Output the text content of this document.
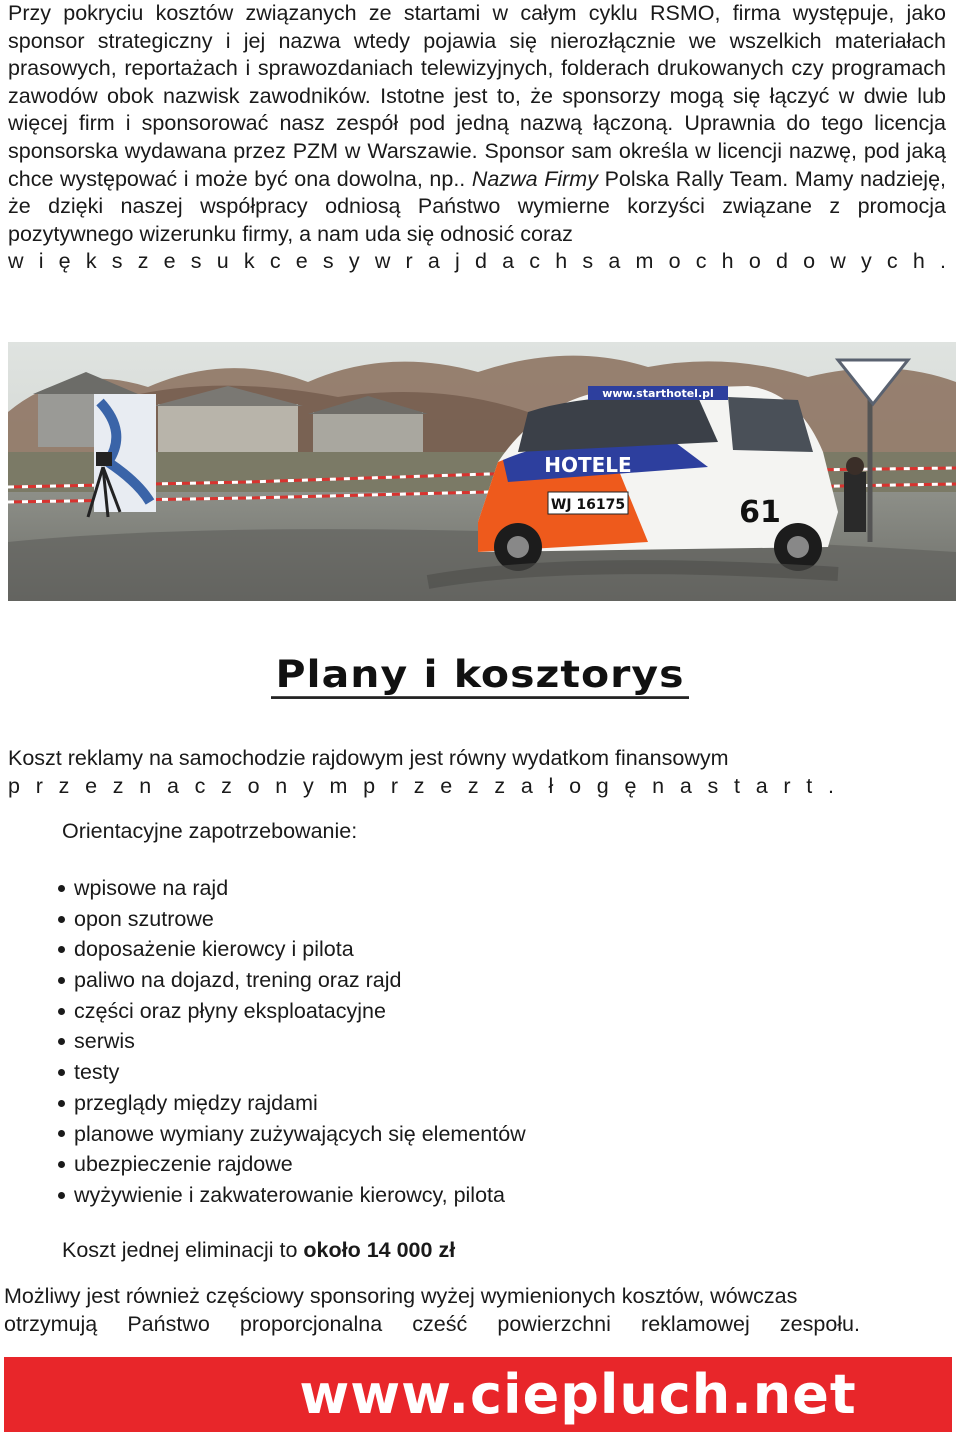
Przy pokryciu kosztów związanych ze startami w całym cyklu RSMO, firma występuje, jako sponsor strategiczny i jej nazwa wtedy pojawia się nierozłącznie we wszelkich materiałach prasowych, reportażach i sprawozdaniach telewizyjnych, folderach drukowanych czy programach zawodów obok nazwisk zawodników. Istotne jest to, że sponsorzy mogą się łączyć w dwie lub więcej firm i sponsorować nasz zespół pod jedną nazwą łączoną. Uprawnia do tego licencja sponsorska wydawana przez PZM w Warszawie. Sponsor sam określa w licencji nazwę, pod jaką chce występować i może być ona dowolna, np.. Nazwa Firmy Polska Rally Team. Mamy nadzieję, że dzięki naszej współpracy odniosą Państwo wymierne korzyści związane z promocja pozytywnego wizerunku firmy, a nam uda się odnosić coraz
w i ę k s z e s u k c e s y w r a j d a c h s a m o c h o d o w y c h .

www.starthotel.pl
HOTELE
WJ 16175	61
Plany i kosztorys

Koszt reklamy na samochodzie rajdowym jest równy wydatkom finansowym
p r z e z n a c z o n y m p r z e z z a ł o g ę n a s t a r t .

Orientacyjne zapotrzebowanie:

wpisowe na rajd
opon szutrowe
doposażenie kierowcy i pilota
paliwo na dojazd, trening oraz rajd
części oraz płyny eksploatacyjne
serwis
testy
przeglądy między rajdami
planowe wymiany zużywających się elementów
ubezpieczenie rajdowe
wyżywienie i zakwaterowanie kierowcy, pilota

Koszt jednej eliminacji to około 14 000 zł

Możliwy jest również częściowy sponsoring wyżej wymienionych kosztów, wówczas
otrzymują Państwo proporcjonalna cześć powierzchni reklamowej zespołu.

www.ciepluch.net
